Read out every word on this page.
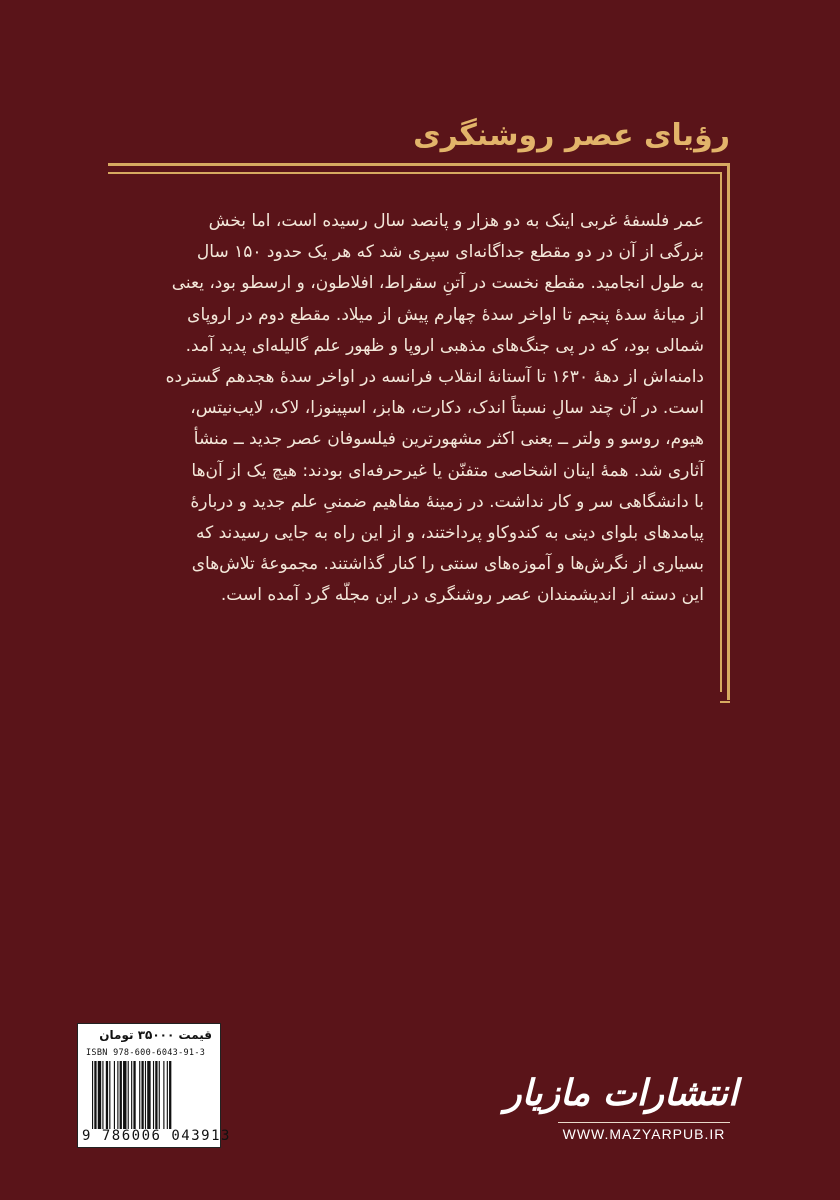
رؤیای عصر روشنگری

عمر فلسفهٔ غربی اینک به دو هزار و پانصد سال رسیده است، اما بخش

بزرگی از آن در دو مقطع جداگانه‌ای سپری شد که هر یک حدود ۱۵۰ سال

به طول انجامید. مقطع نخست در آتنِ سقراط، افلاطون، و ارسطو بود، یعنی

از میانهٔ سدهٔ پنجم تا اواخر سدهٔ چهارم پیش از میلاد. مقطع دوم در اروپای

شمالی بود، که در پی جنگ‌های مذهبی اروپا و ظهور علم گالیله‌ای پدید آمد.

دامنه‌اش از دههٔ ۱۶۳۰ تا آستانهٔ انقلاب فرانسه در اواخر سدهٔ هجدهم گسترده

است. در آن چند سالِ نسبتاً اندک، دکارت، هابز، اسپینوزا، لاک، لایب‌نیتس،

هیوم، روسو و ولتر ــ یعنی اکثر مشهورترین فیلسوفان عصر جدید ــ منشأ

آثاری شد. همهٔ اینان اشخاصی متفنّن یا غیرحرفه‌ای بودند: هیچ یک از آن‌ها

با دانشگاهی سر و کار نداشت. در زمینهٔ مفاهیم ضمنیِ علم جدید و دربارهٔ

پیامدهای بلوای دینی به کندوکاو پرداختند، و از این راه به جایی رسیدند که

بسیاری از نگرش‌ها و آموزه‌های سنتی را کنار گذاشتند. مجموعهٔ تلاش‌های

این دسته از اندیشمندان عصر روشنگری در این مجلّه گرد آمده است.

قیمت ۳۵۰۰۰ تومان
ISBN 978-600-6043-91-3
9 786006 043913
انتشارات مازیار
WWW.MAZYARPUB.IR
